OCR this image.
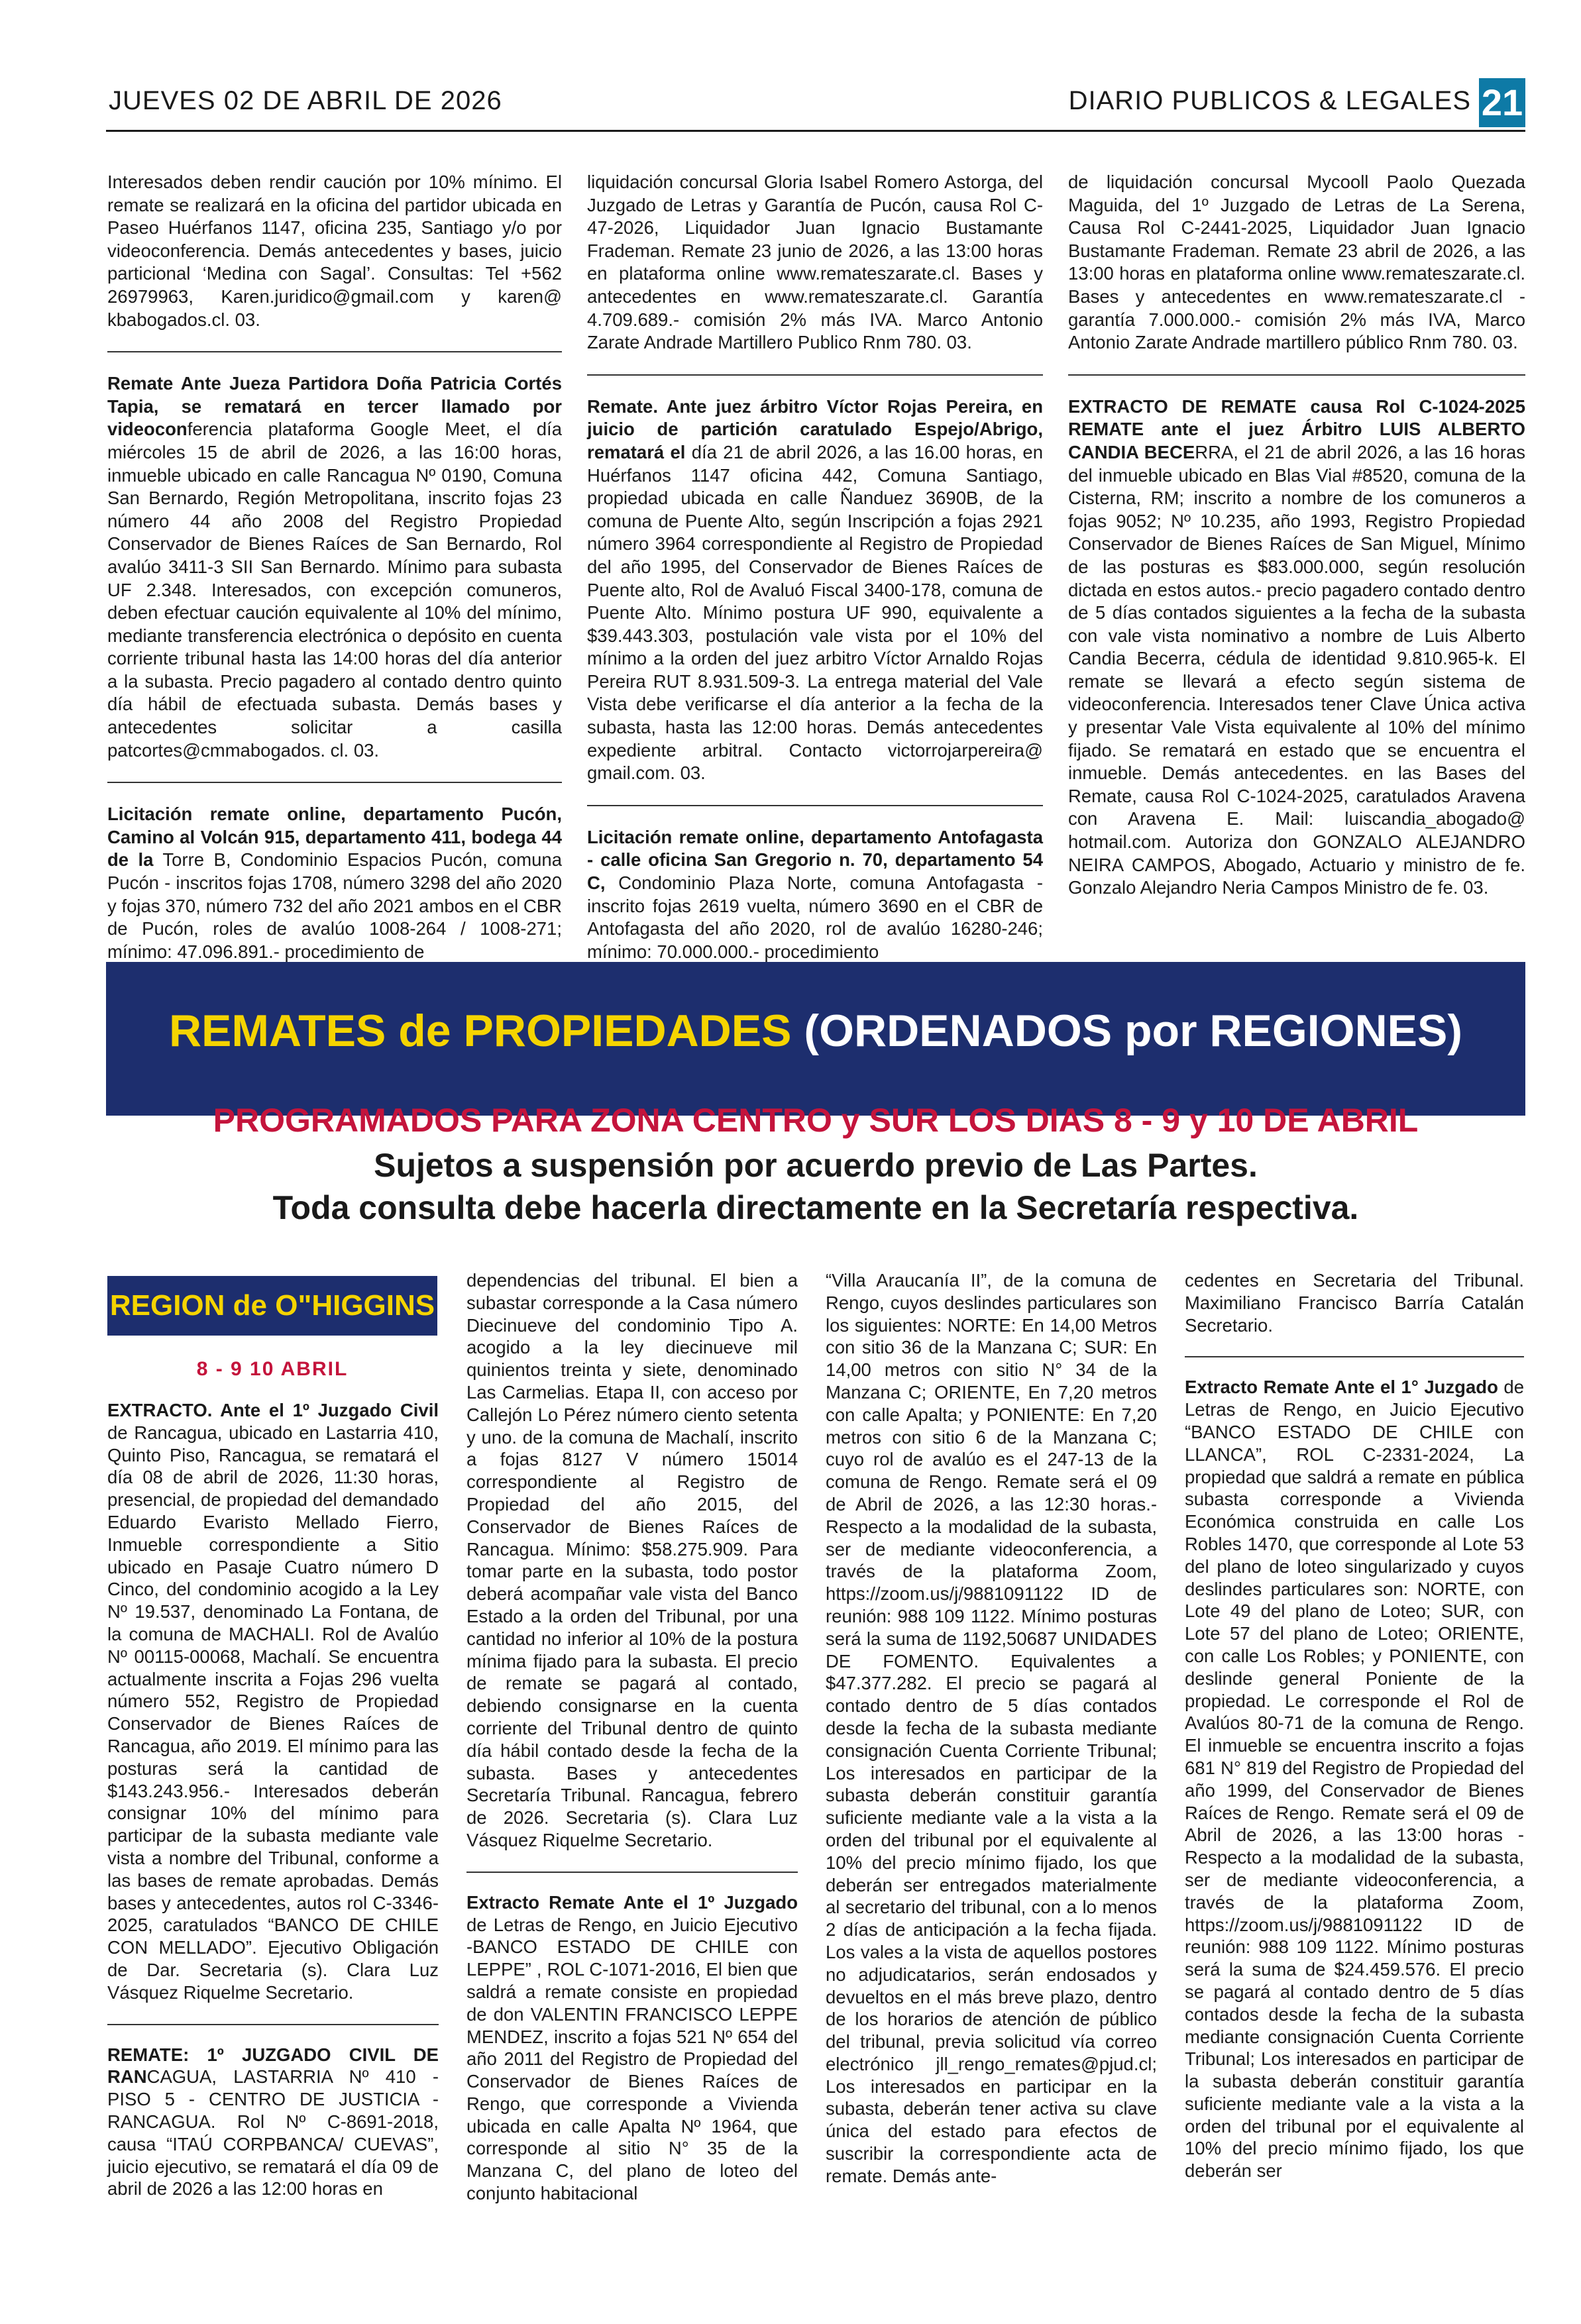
JUEVES 02 DE ABRIL DE 2026	DIARIO PUBLICOS & LEGALES 21

Interesados deben rendir caución por 10% mínimo. El remate se realizará en la oficina del partidor ubicada en Paseo Huérfanos 1147, oficina 235, Santiago y/o por videoconferencia. Demás antecedentes y bases, juicio particional ‘Medina con Sagal’. Consultas: Tel +562 26979963, Karen.juridico@gmail.com y karen@ kbabogados.cl. 03.

Remate Ante Jueza Partidora Doña Patricia Cortés Tapia, se rematará en tercer llamado por videoconferencia plataforma Google Meet, el día miércoles 15 de abril de 2026, a las 16:00 horas, inmueble ubicado en calle Rancagua Nº 0190, Comuna San Bernardo, Región Metropolitana, inscrito fojas 23 número 44 año 2008 del Registro Propiedad Conservador de Bienes Raíces de San Bernardo, Rol avalúo 3411-3 SII San Bernardo. Mínimo para subasta UF 2.348. Interesados, con excepción comuneros, deben efectuar caución equivalente al 10% del mínimo, mediante transferencia electrónica o depósito en cuenta corriente tribunal hasta las 14:00 horas del día anterior a la subasta. Precio pagadero al contado dentro quinto día hábil de efectuada subasta. Demás bases y antecedentes solicitar a casilla patcortes@cmmabogados. cl. 03.

Licitación remate online, departamento Pucón, Camino al Volcán 915, departamento 411, bodega 44 de la Torre B, Condominio Espacios Pucón, comuna Pucón - inscritos fojas 1708, número 3298 del año 2020 y fojas 370, número 732 del año 2021 ambos en el CBR de Pucón, roles de avalúo 1008-264 / 1008-271; mínimo: 47.096.891.- procedimiento de

liquidación concursal Gloria Isabel Romero Astorga, del Juzgado de Letras y Garantía de Pucón, causa Rol C-47-2026, Liquidador Juan Ignacio Bustamante Frademan. Remate 23 junio de 2026, a las 13:00 horas en plataforma online www.remateszarate.cl. Bases y antecedentes en www.remateszarate.cl. Garantía 4.709.689.- comisión 2% más IVA. Marco Antonio Zarate Andrade Martillero Publico Rnm 780. 03.

Remate. Ante juez árbitro Víctor Rojas Pereira, en juicio de partición caratulado Espejo/Abrigo, rematará el día 21 de abril 2026, a las 16.00 horas, en Huérfanos 1147 oficina 442, Comuna Santiago, propiedad ubicada en calle Ñanduez 3690B, de la comuna de Puente Alto, según Inscripción a fojas 2921 número 3964 correspondiente al Registro de Propiedad del año 1995, del Conservador de Bienes Raíces de Puente alto, Rol de Avaluó Fiscal 3400-178, comuna de Puente Alto. Mínimo postura UF 990, equivalente a $39.443.303, postulación vale vista por el 10% del mínimo a la orden del juez arbitro Víctor Arnaldo Rojas Pereira RUT 8.931.509-3. La entrega material del Vale Vista debe verificarse el día anterior a la fecha de la subasta, hasta las 12:00 horas. Demás antecedentes expediente arbitral. Contacto victorrojarpereira@ gmail.com. 03.

Licitación remate online, departamento Antofagasta - calle oficina San Gregorio n. 70, departamento 54 C, Condominio Plaza Norte, comuna Antofagasta - inscrito fojas 2619 vuelta, número 3690 en el CBR de Antofagasta del año 2020, rol de avalúo 16280-246; mínimo: 70.000.000.- procedimiento

de liquidación concursal Mycooll Paolo Quezada Maguida, del 1º Juzgado de Letras de La Serena, Causa Rol C-2441-2025, Liquidador Juan Ignacio Bustamante Frademan. Remate 23 abril de 2026, a las 13:00 horas en plataforma online www.remateszarate.cl. Bases y antecedentes en www.remateszarate.cl - garantía 7.000.000.- comisión 2% más IVA, Marco Antonio Zarate Andrade martillero público Rnm 780. 03.

EXTRACTO DE REMATE causa Rol C-1024-2025 REMATE ante el juez Árbitro LUIS ALBERTO CANDIA BECERRA, el 21 de abril 2026, a las 16 horas del inmueble ubicado en Blas Vial #8520, comuna de la Cisterna, RM; inscrito a nombre de los comuneros a fojas 9052; Nº 10.235, año 1993, Registro Propiedad Conservador de Bienes Raíces de San Miguel, Mínimo de las posturas es $83.000.000, según resolución dictada en estos autos.- precio pagadero contado dentro de 5 días contados siguientes a la fecha de la subasta con vale vista nominativo a nombre de Luis Alberto Candia Becerra, cédula de identidad 9.810.965-k. El remate se llevará a efecto según sistema de videoconferencia. Interesados tener Clave Única activa y presentar Vale Vista equivalente al 10% del mínimo fijado. Se rematará en estado que se encuentra el inmueble. Demás antecedentes. en las Bases del Remate, causa Rol C-1024-2025, caratulados Aravena con Aravena E. Mail: luiscandia_abogado@ hotmail.com. Autoriza don GONZALO ALEJANDRO NEIRA CAMPOS, Abogado, Actuario y ministro de fe. Gonzalo Alejandro Neria Campos Ministro de fe. 03.

REMATES de PROPIEDADES (ORDENADOS por REGIONES)
PROGRAMADOS PARA ZONA CENTRO y SUR LOS DIAS 8 - 9 y 10 DE ABRIL
Sujetos a suspensión por acuerdo previo de Las Partes.
Toda consulta debe hacerla directamente en la Secretaría respectiva.
REGION de O"HIGGINS
8 - 9 10 ABRIL

EXTRACTO. Ante el 1º Juzgado Civil de Rancagua, ubicado en Lastarria 410, Quinto Piso, Rancagua, se rematará el día 08 de abril de 2026, 11:30 horas, presencial, de propiedad del demandado Eduardo Evaristo Mellado Fierro, Inmueble correspondiente a Sitio ubicado en Pasaje Cuatro número D Cinco, del condominio acogido a la Ley Nº 19.537, denominado La Fontana, de la comuna de MACHALI. Rol de Avalúo Nº 00115-00068, Machalí. Se encuentra actualmente inscrita a Fojas 296 vuelta número 552, Registro de Propiedad Conservador de Bienes Raíces de Rancagua, año 2019. El mínimo para las posturas será la cantidad de $143.243.956.- Interesados deberán consignar 10% del mínimo para participar de la subasta mediante vale vista a nombre del Tribunal, conforme a las bases de remate aprobadas. Demás bases y antecedentes, autos rol C-3346-2025, caratulados “BANCO DE CHILE CON MELLADO”. Ejecutivo Obligación de Dar. Secretaria (s). Clara Luz Vásquez Riquelme Secretario.

REMATE: 1º JUZGADO CIVIL DE RANCAGUA, LASTARRIA Nº 410 - PISO 5 - CENTRO DE JUSTICIA -RANCAGUA. Rol Nº C-8691-2018, causa “ITAÚ CORPBANCA/ CUEVAS”, juicio ejecutivo, se rematará el día 09 de abril de 2026 a las 12:00 horas en

dependencias del tribunal. El bien a subastar corresponde a la Casa número Diecinueve del condominio Tipo A. acogido a la ley diecinueve mil quinientos treinta y siete, denominado Las Carmelias. Etapa II, con acceso por Callejón Lo Pérez número ciento setenta y uno. de la comuna de Machalí, inscrito a fojas 8127 V número 15014 correspondiente al Registro de Propiedad del año 2015, del Conservador de Bienes Raíces de Rancagua. Mínimo: $58.275.909. Para tomar parte en la subasta, todo postor deberá acompañar vale vista del Banco Estado a la orden del Tribunal, por una cantidad no inferior al 10% de la postura mínima fijado para la subasta. El precio de remate se pagará al contado, debiendo consignarse en la cuenta corriente del Tribunal dentro de quinto día hábil contado desde la fecha de la subasta. Bases y antecedentes Secretaría Tribunal. Rancagua, febrero de 2026. Secretaria (s). Clara Luz Vásquez Riquelme Secretario.

Extracto Remate Ante el 1º Juzgado de Letras de Rengo, en Juicio Ejecutivo -BANCO ESTADO DE CHILE con LEPPE” , ROL C-1071-2016, El bien que saldrá a remate consiste en propiedad de don VALENTIN FRANCISCO LEPPE MENDEZ, inscrito a fojas 521 Nº 654 del año 2011 del Registro de Propiedad del Conservador de Bienes Raíces de Rengo, que corresponde a Vivienda ubicada en calle Apalta Nº 1964, que corresponde al sitio N° 35 de la Manzana C, del plano de loteo del conjunto habitacional

“Villa Araucanía II”, de la comuna de Rengo, cuyos deslindes particulares son los siguientes: NORTE: En 14,00 Metros con sitio 36 de la Manzana C; SUR: En 14,00 metros con sitio N° 34 de la Manzana C; ORIENTE, En 7,20 metros con calle Apalta; y PONIENTE: En 7,20 metros con sitio 6 de la Manzana C; cuyo rol de avalúo es el 247-13 de la comuna de Rengo. Remate será el 09 de Abril de 2026, a las 12:30 horas.- Respecto a la modalidad de la subasta, ser de mediante videoconferencia, a través de la plataforma Zoom, https://zoom.us/j/9881091122 ID de reunión: 988 109 1122. Mínimo posturas será la suma de 1192,50687 UNIDADES DE FOMENTO. Equivalentes a $47.377.282. El precio se pagará al contado dentro de 5 días contados desde la fecha de la subasta mediante consignación Cuenta Corriente Tribunal; Los interesados en participar de la subasta deberán constituir garantía suficiente mediante vale a la vista a la orden del tribunal por el equivalente al 10% del precio mínimo fijado, los que deberán ser entregados materialmente al secretario del tribunal, con a lo menos 2 días de anticipación a la fecha fijada. Los vales a la vista de aquellos postores no adjudicatarios, serán endosados y devueltos en el más breve plazo, dentro de los horarios de atención de público del tribunal, previa solicitud vía correo electrónico jll_rengo_remates@pjud.cl; Los interesados en participar en la subasta, deberán tener activa su clave única del estado para efectos de suscribir la correspondiente acta de remate. Demás ante-

cedentes en Secretaria del Tribunal. Maximiliano Francisco Barría Catalán Secretario.

Extracto Remate Ante el 1° Juzgado de Letras de Rengo, en Juicio Ejecutivo “BANCO ESTADO DE CHILE con LLANCA”, ROL C-2331-2024, La propiedad que saldrá a remate en pública subasta corresponde a Vivienda Económica construida en calle Los Robles 1470, que corresponde al Lote 53 del plano de loteo singularizado y cuyos deslindes particulares son: NORTE, con Lote 49 del plano de Loteo; SUR, con Lote 57 del plano de Loteo; ORIENTE, con calle Los Robles; y PONIENTE, con deslinde general Poniente de la propiedad. Le corresponde el Rol de Avalúos 80-71 de la comuna de Rengo. El inmueble se encuentra inscrito a fojas 681 N° 819 del Registro de Propiedad del año 1999, del Conservador de Bienes Raíces de Rengo. Remate será el 09 de Abril de 2026, a las 13:00 horas - Respecto a la modalidad de la subasta, ser de mediante videoconferencia, a través de la plataforma Zoom, https://zoom.us/j/9881091122 ID de reunión: 988 109 1122. Mínimo posturas será la suma de $24.459.576. El precio se pagará al contado dentro de 5 días contados desde la fecha de la subasta mediante consignación Cuenta Corriente Tribunal; Los interesados en participar de la subasta deberán constituir garantía suficiente mediante vale a la vista a la orden del tribunal por el equivalente al 10% del precio mínimo fijado, los que deberán ser
